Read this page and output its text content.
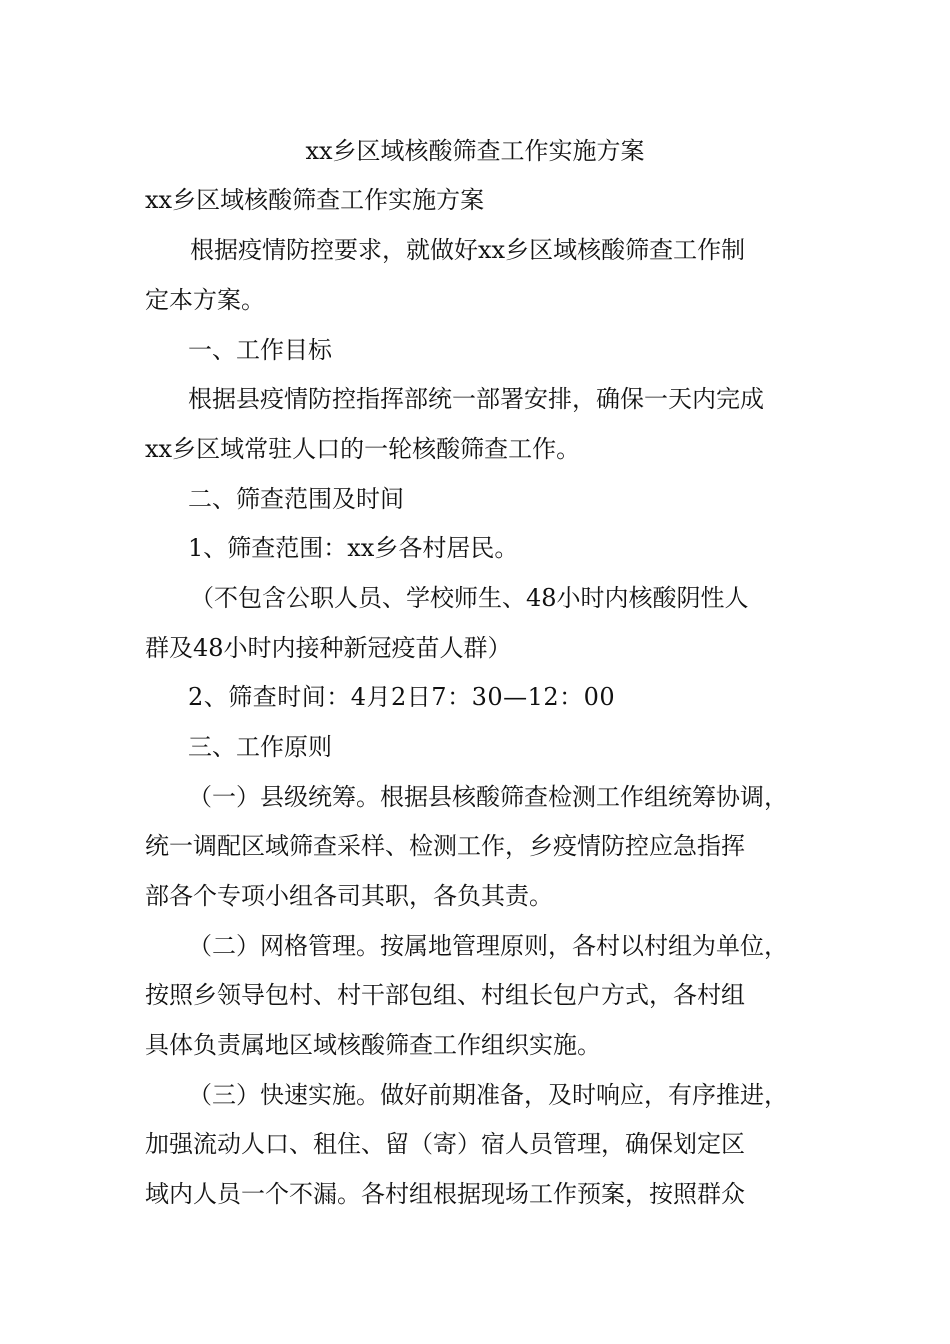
xx乡区域核酸筛查工作实施方案
xx乡区域核酸筛查工作实施方案
根据疫情防控要求，就做好xx乡区域核酸筛查工作制
定本方案。
一、工作目标
根据县疫情防控指挥部统一部署安排，确保一天内完成
xx乡区域常驻人口的一轮核酸筛查工作。
二、筛查范围及时间
1、筛查范围：xx乡各村居民。
（不包含公职人员、学校师生、48小时内核酸阴性人
群及48小时内接种新冠疫苗人群）
2、筛查时间：4月2日7：30—12：00
三、工作原则
（一）县级统筹。根据县核酸筛查检测工作组统筹协调，
统一调配区域筛查采样、检测工作，乡疫情防控应急指挥
部各个专项小组各司其职，各负其责。
（二）网格管理。按属地管理原则，各村以村组为单位，
按照乡领导包村、村干部包组、村组长包户方式，各村组
具体负责属地区域核酸筛查工作组织实施。
（三）快速实施。做好前期准备，及时响应，有序推进，
加强流动人口、租住、留（寄）宿人员管理，确保划定区
域内人员一个不漏。各村组根据现场工作预案，按照群众
